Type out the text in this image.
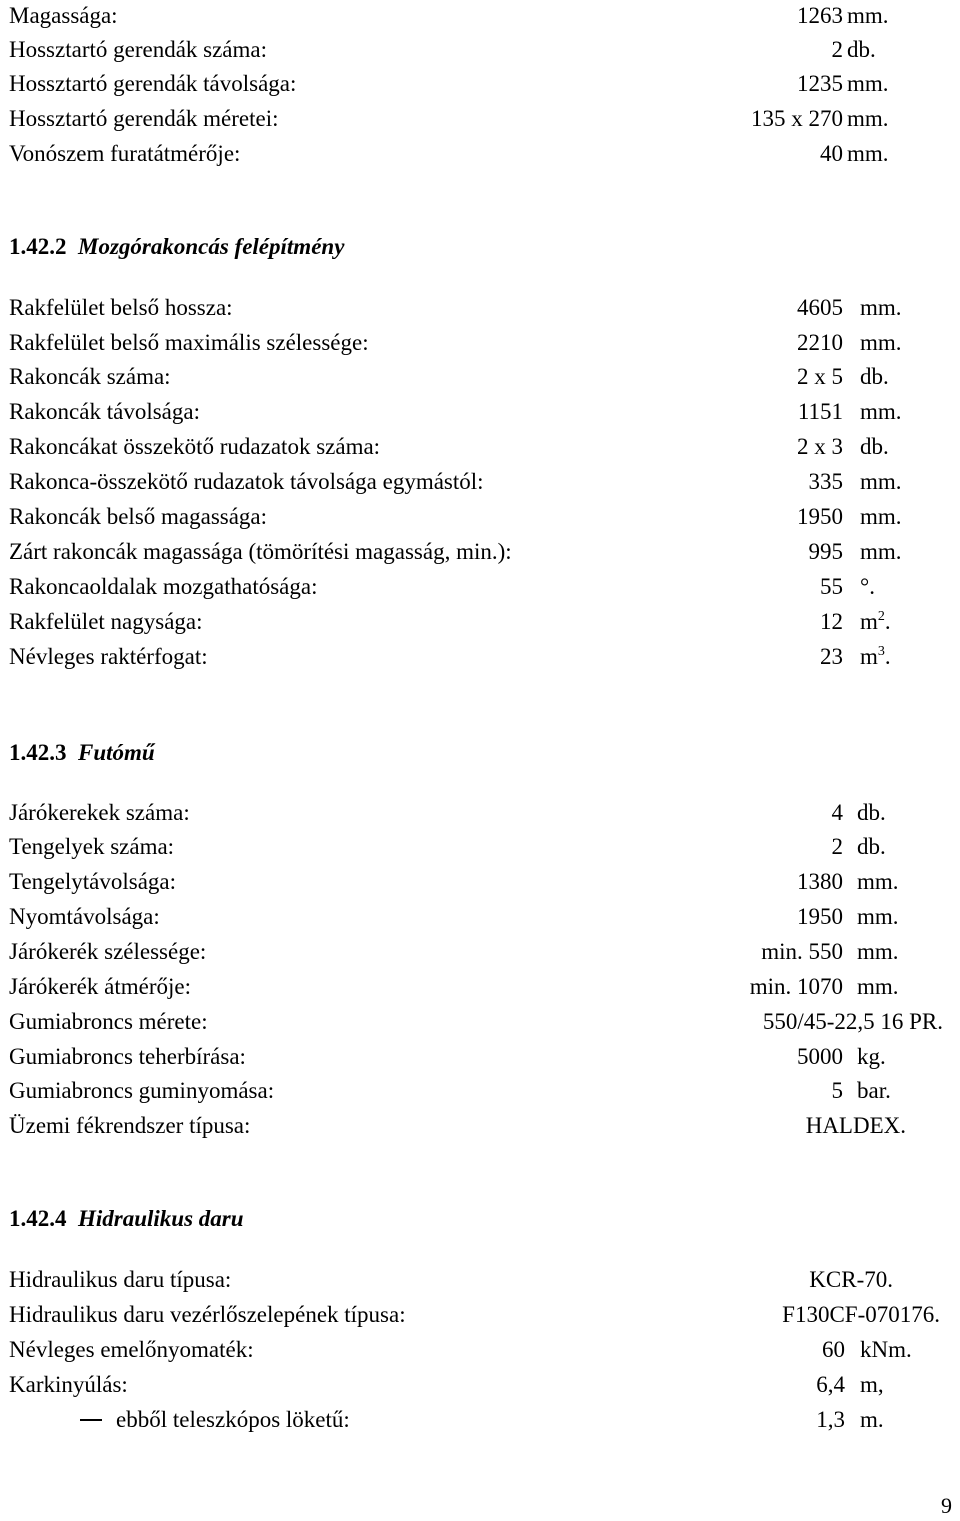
Magassága:	1263 mm.
Hossztartó gerendák száma:	2 db.
Hossztartó gerendák távolsága:	1235 mm.
Hossztartó gerendák méretei:	135 x 270 mm.
Vonószem furatátmérője:	40 mm.
1.42.2 Mozgórakoncás felépítmény
Rakfelület belső hossza:	4605 mm.
Rakfelület belső maximális szélessége:	2210 mm.
Rakoncák száma:	2 x 5 db.
Rakoncák távolsága:	1151 mm.
Rakoncákat összekötő rudazatok száma:	2 x 3 db.
Rakonca-összekötő rudazatok távolsága egymástól:	335 mm.
Rakoncák belső magassága:	1950 mm.
Zárt rakoncák magassága (tömörítési magasság, min.):	995 mm.
Rakoncaoldalak mozgathatósága:	55 °.
Rakfelület nagysága:	12 $m^2$.
Névleges raktérfogat:	23 $m^3$.
1.42.3 Futómű
Járókerekek száma:	4 db.
Tengelyek száma:	2 db.
Tengelytávolsága:	1380 mm.
Nyomtávolsága:	1950 mm.
Járókerék szélessége:	min. 550 mm.
Járókerék átmérője:	min. 1070 mm.
Gumiabroncs mérete:	550/45-22,5 16 PR.
Gumiabroncs teherbírása:	5000 kg.
Gumiabroncs guminyomása:	5 bar.
Üzemi fékrendszer típusa:	HALDEX.
1.42.4 Hidraulikus daru
Hidraulikus daru típusa:	KCR-70.
Hidraulikus daru vezérlőszelepének típusa:	F130CF-070176.
Névleges emelőnyomaték:	60 kNm.
Karkinyúlás:	6,4 m,
ebből teleszkópos löketű:	1,3 m.
9
